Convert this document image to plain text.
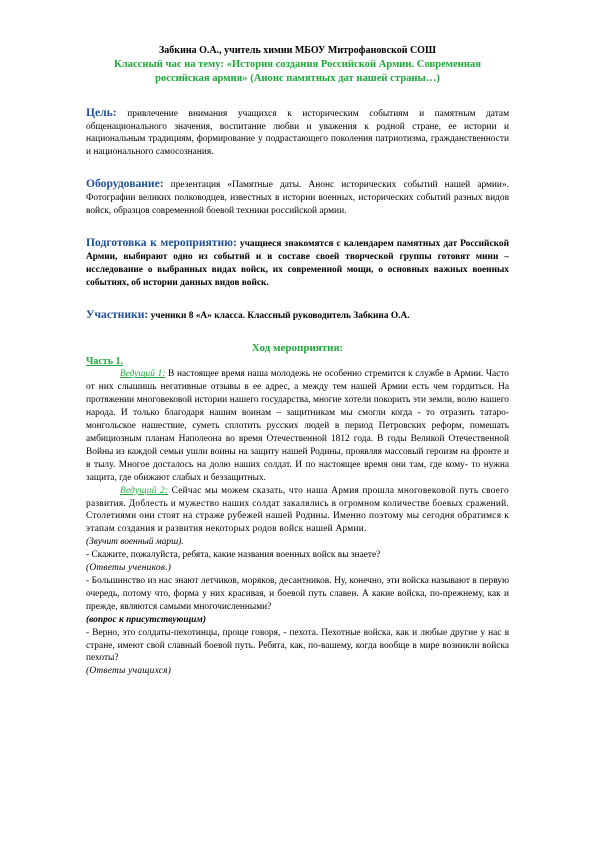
Забкина О.А., учитель химии МБОУ Митрофановской СОШ

Классный час на тему: «История создания Российской Армии. Современная российская армия» (Анонс памятных дат нашей страны…)

Цель: привлечение внимания учащихся к историческим событиям и памятным датам общенационального значения, воспитание любви и уважения к родной стране, ее истории и национальным традициям, формирование у подрастающего поколения патриотизма, гражданственности и национального самосознания.

Оборудование: презентация «Памятные даты. Анонс исторических событий нашей армии». Фотографии великих полководцев, известных в истории военных, исторических событий разных видов войск, образцов современной боевой техники российской армии.

Подготовка к мероприятию: учащиеся знакомятся с календарем памятных дат Российской Армии, выбирают одно из событий и в составе своей творческой группы готовят мини – исследование о выбранных видах войск, их современной мощи, о основных важных военных событиях, об истории данных видов войск.

Участники: ученики 8 «А» класса. Классный руководитель Забкина О.А.

Ход мероприятия:

Часть 1.

Ведущий 1: В настоящее время наша молодежь не особенно стремится к службе в Армии. Часто от них слышишь негативные отзывы в ее адрес, а между тем нашей Армии есть чем гордиться. На протяжении многовековой истории нашего государства, многие хотели покорить эти земли, волю нашего народа. И только благодаря нашим воинам – защитникам мы смогли когда - то отразить татаро-монгольское нашествие, суметь сплотить русских людей в период Петровских реформ, помешать амбициозным планам Наполеона во время Отечественной 1812 года. В годы Великой Отечественной Войны из каждой семьи ушли воины на защиту нашей Родины, проявляя массовый героизм на фронте и в тылу. Многое досталось на долю наших солдат. И по настоящее время они там, где кому- то нужна защита, где обижают слабых и беззащитных.

Ведущий 2: Сейчас мы можем сказать, что наша Армия прошла многовековой путь своего развития. Доблесть и мужество наших солдат закалялись в огромном количестве боевых сражений. Столетиями они стоят на страже рубежей нашей Родины. Именно поэтому мы сегодня обратимся к этапам создания и развития некоторых родов войск нашей Армии.

(Звучит военный марш).

- Скажите, пожалуйста, ребята, какие названия военных войск вы знаете?

(Ответы учеников.)

- Большинство из нас знают летчиков, моряков, десантников. Ну, конечно, эти войска называют в первую очередь, потому что, форма у них красивая, и боевой путь славен. А какие войска, по-прежнему, как и прежде, являются самыми многочисленными?

(вопрос к присутствующим)

- Верно, это солдаты-пехотинцы, проще говоря, - пехота. Пехотные войска, как и любые другие у нас в стране, имеют свой славный боевой путь. Ребята, как, по-вашему, когда вообще в мире возникли войска пехоты?

(Ответы учащихся)
